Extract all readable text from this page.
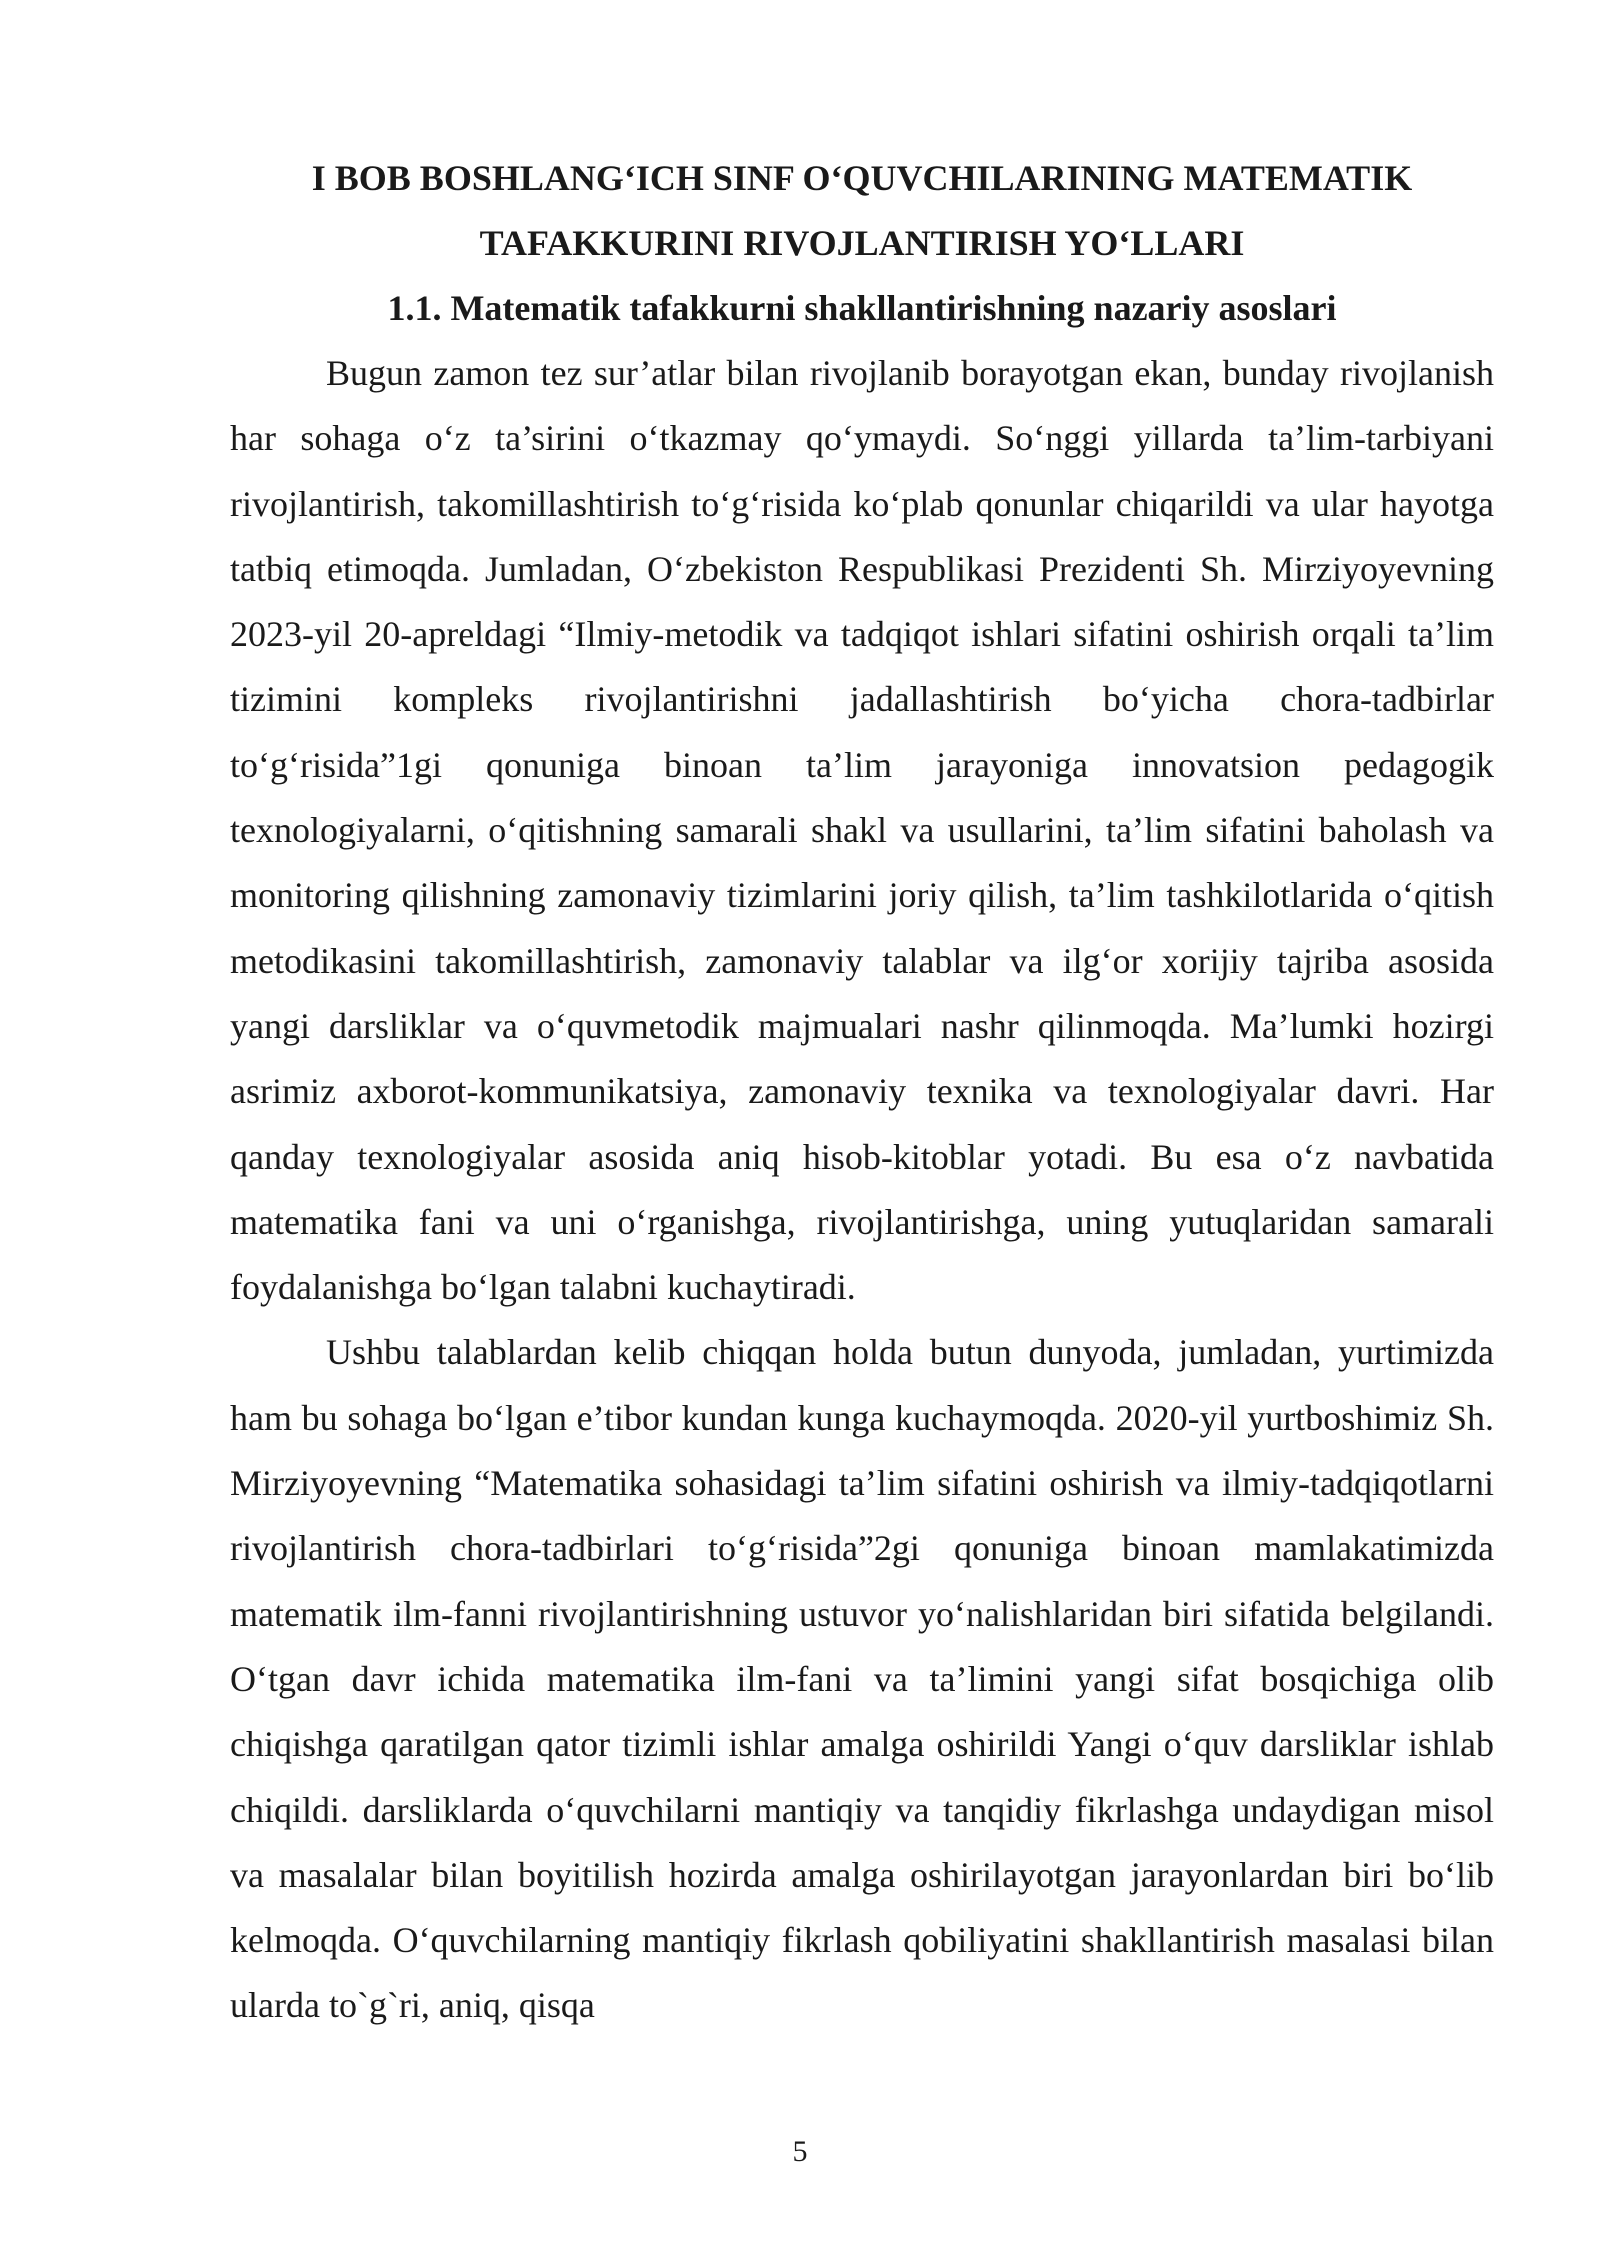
I BOB BOSHLANG‘ICH SINF O‘QUVCHILARINING MATEMATIK
TAFAKKURINI RIVOJLANTIRISH YO‘LLARI

1.1. Matematik tafakkurni shakllantirishning nazariy asoslari

Bugun zamon tez sur’atlar bilan rivojlanib borayotgan ekan, bunday rivojlanish har sohaga o‘z ta’sirini o‘tkazmay qo‘ymaydi. So‘nggi yillarda ta’lim-tarbiyani rivojlantirish, takomillashtirish to‘g‘risida ko‘plab qonunlar chiqarildi va ular hayotga tatbiq etimoqda. Jumladan, O‘zbekiston Respublikasi Prezidenti Sh. Mirziyoyevning 2023-yil 20-apreldagi “Ilmiy-metodik va tadqiqot ishlari sifatini oshirish orqali ta’lim tizimini kompleks rivojlantirishni jadallashtirish bo‘yicha chora-tadbirlar to‘g‘risida”1gi qonuniga binoan ta’lim jarayoniga innovatsion pedagogik texnologiyalarni, o‘qitishning samarali shakl va usullarini, ta’lim sifatini baholash va monitoring qilishning zamonaviy tizimlarini joriy qilish, ta’lim tashkilotlarida o‘qitish metodikasini takomillashtirish, zamonaviy talablar va ilg‘or xorijiy tajriba asosida yangi darsliklar va o‘quvmetodik majmualari nashr qilinmoqda. Ma’lumki hozirgi asrimiz axborot-kommunikatsiya, zamonaviy texnika va texnologiyalar davri. Har qanday texnologiyalar asosida aniq hisob-kitoblar yotadi. Bu esa o‘z navbatida matematika fani va uni o‘rganishga, rivojlantirishga, uning yutuqlaridan samarali foydalanishga bo‘lgan talabni kuchaytiradi.

Ushbu talablardan kelib chiqqan holda butun dunyoda, jumladan, yurtimizda ham bu sohaga bo‘lgan e’tibor kundan kunga kuchaymoqda. 2020-yil yurtboshimiz Sh. Mirziyoyevning “Matematika sohasidagi ta’lim sifatini oshirish va ilmiy-tadqiqotlarni rivojlantirish chora-tadbirlari to‘g‘risida”2gi qonuniga binoan mamlakatimizda matematik ilm-fanni rivojlantirishning ustuvor yo‘nalishlaridan biri sifatida belgilandi. O‘tgan davr ichida matematika ilm-fani va ta’limini yangi sifat bosqichiga olib chiqishga qaratilgan qator tizimli ishlar amalga oshirildi Yangi o‘quv darsliklar ishlab chiqildi. darsliklarda o‘quvchilarni mantiqiy va tanqidiy fikrlashga undaydigan misol va masalalar bilan boyitilish hozirda amalga oshirilayotgan jarayonlardan biri bo‘lib kelmoqda. O‘quvchilarning mantiqiy fikrlash qobiliyatini shakllantirish masalasi bilan ularda to`g`ri, aniq, qisqa

5
